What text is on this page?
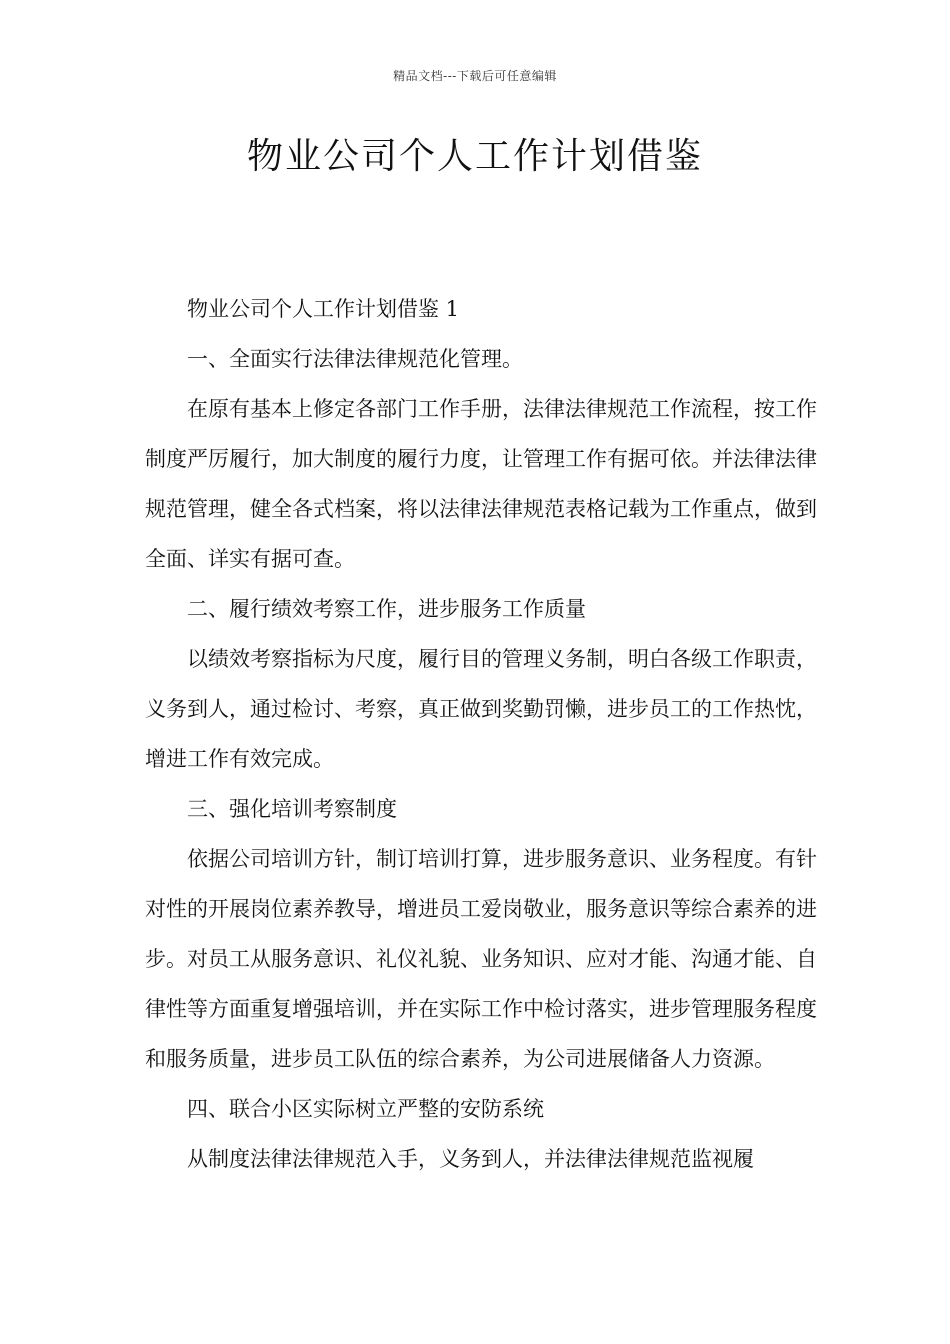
精品文档---下载后可任意编辑
物业公司个人工作计划借鉴

物业公司个人工作计划借鉴 1

一、全面实行法律法律规范化管理。

在原有基本上修定各部门工作手册，法律法律规范工作流程，按工作制度严厉履行，加大制度的履行力度，让管理工作有据可依。并法律法律规范管理，健全各式档案，将以法律法律规范表格记载为工作重点，做到全面、详实有据可查。

二、履行绩效考察工作，进步服务工作质量

以绩效考察指标为尺度，履行目的管理义务制，明白各级工作职责，义务到人，通过检讨、考察，真正做到奖勤罚懒，进步员工的工作热忱，增进工作有效完成。

三、强化培训考察制度

依据公司培训方针，制订培训打算，进步服务意识、业务程度。有针对性的开展岗位素养教导，增进员工爱岗敬业，服务意识等综合素养的进步。对员工从服务意识、礼仪礼貌、业务知识、应对才能、沟通才能、自律性等方面重复增强培训，并在实际工作中检讨落实，进步管理服务程度和服务质量，进步员工队伍的综合素养，为公司进展储备人力资源。

四、联合小区实际树立严整的安防系统

从制度法律法律规范入手，义务到人，并法律法律规范监视履
